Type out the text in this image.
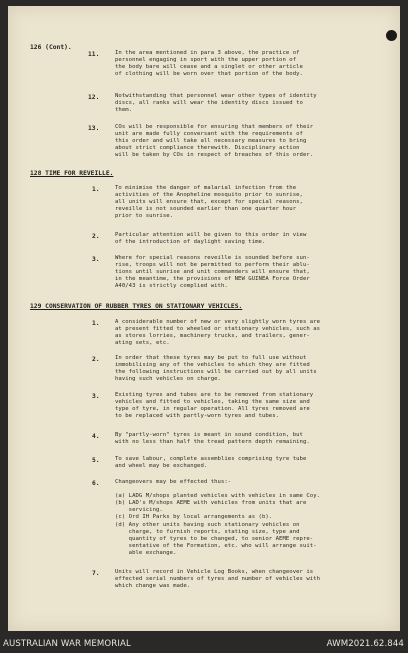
126 (Cont).
11.	In the area mentioned in para 3 above, the practice of
personnel engaging in sport with the upper portion of
the body bare will cease and a singlet or other article
of clothing will be worn over that portion of the body.
12.	Notwithstanding that personnel wear other types of identity
discs, all ranks will wear the identity discs issued to
them.
13.	COs will be responsible for ensuring that members of their
unit are made fully conversant with the requirements of
this order and will take all necessary measures to bring
about strict compliance therewith. Disciplinary action
will be taken by COs in respect of breaches of this order.
128 TIME FOR REVEILLE.
1.	To minimise the danger of malarial infection from the
activities of the Anopheline mosquito prior to sunrise,
all units will ensure that, except for special reasons,
reveille is not sounded earlier than one quarter hour
prior to sunrise.
2.	Particular attention will be given to this order in view
of the introduction of daylight saving time.
3.	Where for special reasons reveille is sounded before sun-
rise, troops will not be permitted to perform their ablu-
tions until sunrise and unit commanders will ensure that,
in the meantime, the provisions of NEW GUINEA Force Order
A40/43 is strictly complied with.
129 CONSERVATION OF RUBBER TYRES ON STATIONARY VEHICLES.
1.	A considerable number of new or very slightly worn tyres are
at present fitted to wheeled or stationary vehicles, such as
as stores lorries, machinery trucks, and trailers, gener-
ating sets, etc.
2.	In order that these tyres may be put to full use without
immobilising any of the vehicles to which they are fitted
the following instructions will be carried out by all units
having such vehicles on charge.
3.	Existing tyres and tubes are to be removed from stationary
vehicles and fitted to vehicles, taking the same size and
type of tyre, in regular operation. All tyres removed are
to be replaced with partly-worn tyres and tubes.
4.	By "partly-worn" tyres is meant in sound condition, but
with no less than half the tread pattern depth remaining.
5.	To save labour, complete assemblies comprising tyre tube
and wheel may be exchanged.
6.	Changeovers may be effected thus:-

(a) LADG M/shops planted vehicles with vehicles in same Coy.
(b) LAD's M/shops AEME with vehicles from units that are
servicing.
(c) Ord IH Parks by local arrangements as (b).
(d) Any other units having such stationary vehicles on
charge, to furnish reports, stating size, type and
quantity of tyres to be changed, to senior AEME repre-
sentative of the Formation, etc. who will arrange suit-
able exchange.
7.	Units will record in Vehicle Log Books, when changeover is
effected serial numbers of tyres and number of vehicles with
which change was made.
AUSTRALIAN WAR MEMORIAL	AWM2021.62.844
